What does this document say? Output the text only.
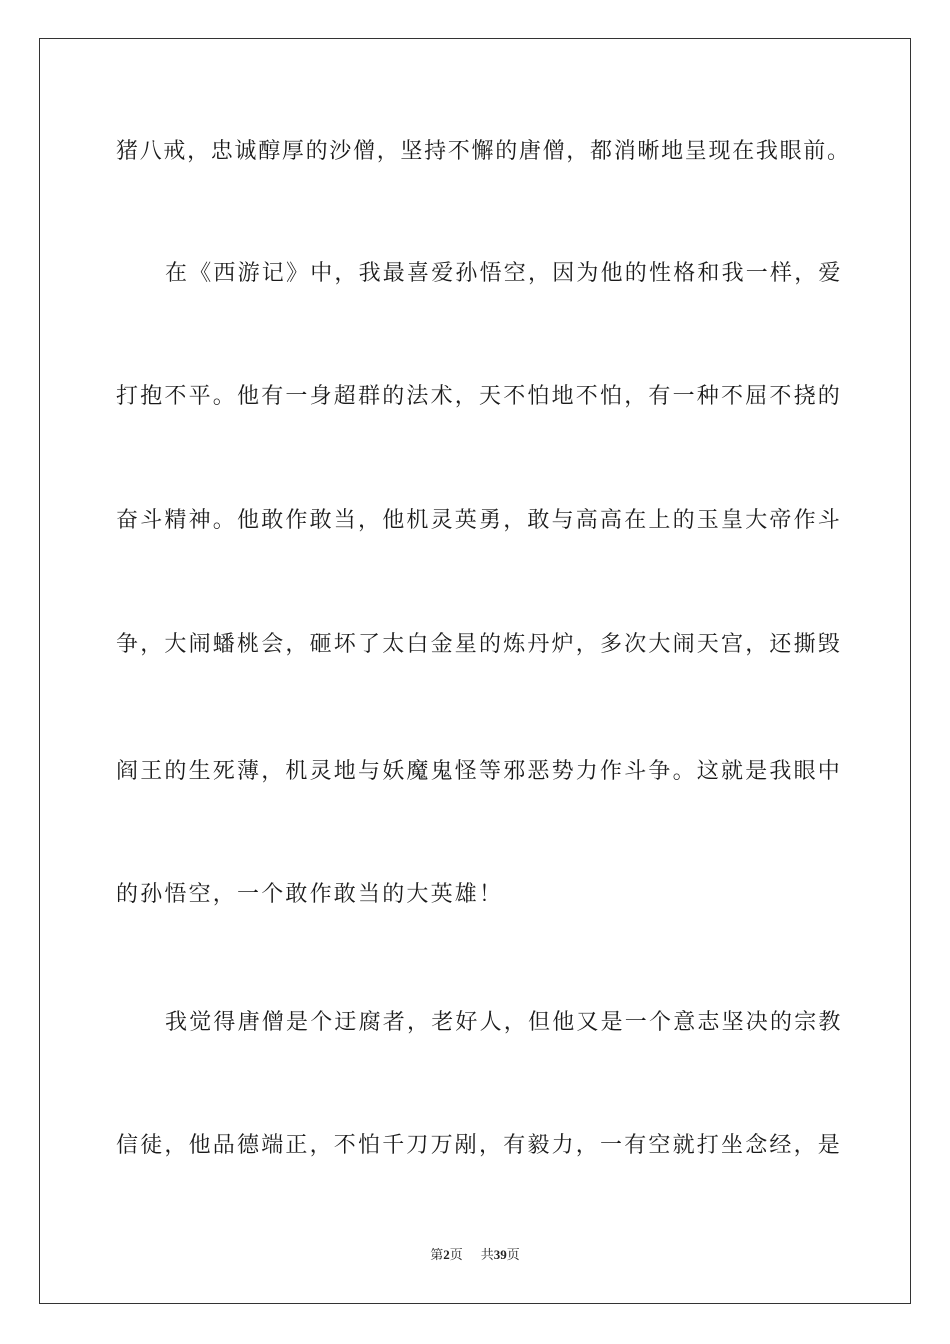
猪八戒，忠诚醇厚的沙僧，坚持不懈的唐僧，都消晰地呈现在我眼前。
在《西游记》中，我最喜爱孙悟空，因为他的性格和我一样，爱
打抱不平。他有一身超群的法术，天不怕地不怕，有一种不屈不挠的
奋斗精神。他敢作敢当，他机灵英勇，敢与高高在上的玉皇大帝作斗
争，大闹蟠桃会，砸坏了太白金星的炼丹炉，多次大闹天宫，还撕毁
阎王的生死薄，机灵地与妖魔鬼怪等邪恶势力作斗争。这就是我眼中
的孙悟空，一个敢作敢当的大英雄！
我觉得唐僧是个迂腐者，老好人，但他又是一个意志坚决的宗教
信徒，他品德端正，不怕千刀万剐，有毅力，一有空就打坐念经，是
第2页 共39页
